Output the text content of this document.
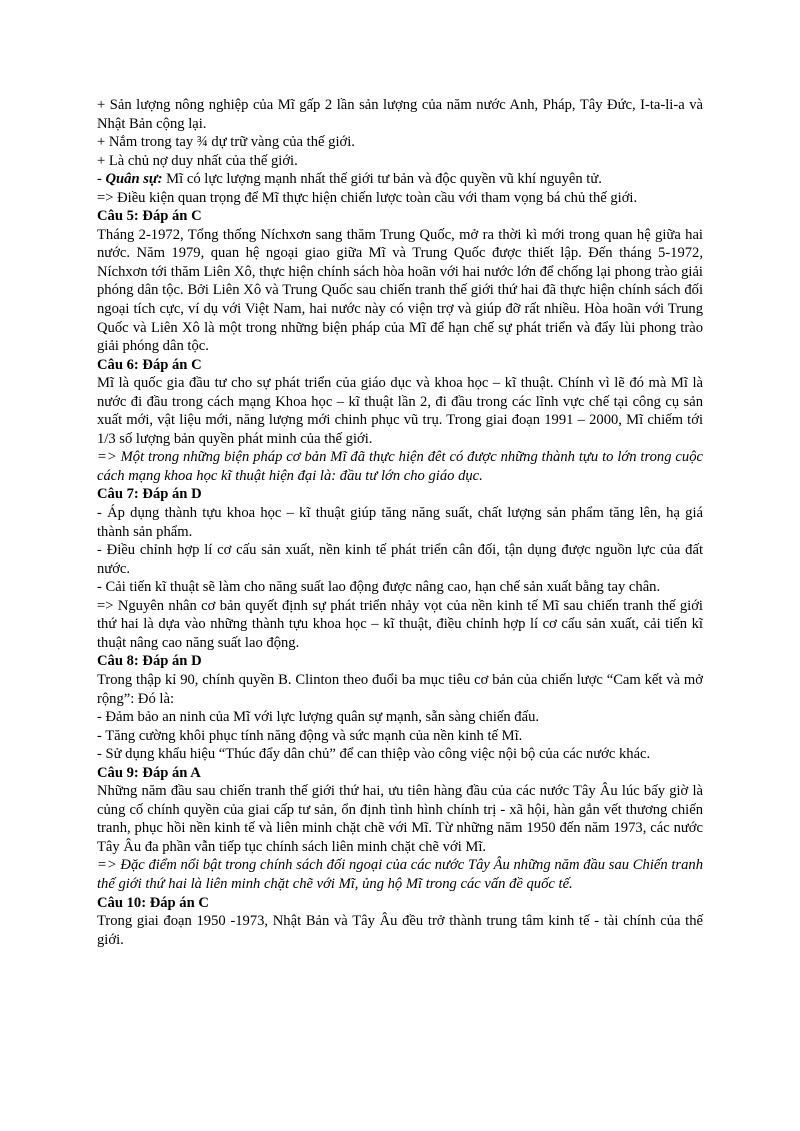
+ Sản lượng nông nghiệp của Mĩ gấp 2 lần sản lượng của năm nước Anh, Pháp, Tây Đức, I-ta-li-a và Nhật Bản cộng lại.

+ Nắm trong tay ¾ dự trữ vàng của thế giới.

+ Là chủ nợ duy nhất của thế giới.

- Quân sự: Mĩ có lực lượng mạnh nhất thế giới tư bản và độc quyền vũ khí nguyên tử.

=> Điều kiện quan trọng để Mĩ thực hiện chiến lược toàn cầu với tham vọng bá chủ thế giới.

Câu 5: Đáp án C

Tháng 2-1972, Tổng thống Níchxơn sang thăm Trung Quốc, mở ra thời kì mới trong quan hệ giữa hai nước. Năm 1979, quan hệ ngoại giao giữa Mĩ và Trung Quốc được thiết lập. Đến tháng 5-1972, Níchxơn tới thăm Liên Xô, thực hiện chính sách hòa hoãn với hai nước lớn để chống lại phong trào giải phóng dân tộc. Bởi Liên Xô và Trung Quốc sau chiến tranh thế giới thứ hai đã thực hiện chính sách đối ngoại tích cực, ví dụ với Việt Nam, hai nước này có viện trợ và giúp đỡ rất nhiều. Hòa hoãn với Trung Quốc và Liên Xô là một trong những biện pháp của Mĩ để hạn chế sự phát triển và đẩy lùi phong trào giải phóng dân tộc.

Câu 6: Đáp án C

Mĩ là quốc gia đầu tư cho sự phát triển của giáo dục và khoa học – kĩ thuật. Chính vì lẽ đó mà Mĩ là nước đi đầu trong cách mạng Khoa học – kĩ thuật lần 2, đi đầu trong các lĩnh vực chế tại công cụ sản xuất mới, vật liệu mới, năng lượng mới chinh phục vũ trụ. Trong giai đoạn 1991 – 2000, Mĩ chiếm tới 1/3 số lượng bản quyền phát minh của thế giới.

=> Một trong những biện pháp cơ bản Mĩ đã thực hiện đêt có được những thành tựu to lớn trong cuộc cách mạng khoa học kĩ thuật hiện đại là: đầu tư lớn cho giáo dục.

Câu 7: Đáp án D

- Áp dụng thành tựu khoa học – kĩ thuật giúp tăng năng suất, chất lượng sản phẩm tăng lên, hạ giá thành sản phẩm.

- Điều chỉnh hợp lí cơ cấu sản xuất, nền kinh tế phát triển cân đối, tận dụng được nguồn lực của đất nước.

- Cải tiến kĩ thuật sẽ làm cho năng suất lao động được nâng cao, hạn chế sản xuất bằng tay chân.

=> Nguyên nhân cơ bản quyết định sự phát triển nhảy vọt của nền kinh tế Mĩ sau chiến tranh thế giới thứ hai là dựa vào những thành tựu khoa học – kĩ thuật, điều chỉnh hợp lí cơ cấu sản xuất, cải tiến kĩ thuật nâng cao năng suất lao động.

Câu 8: Đáp án D

Trong thập kỉ 90, chính quyền B. Clinton theo đuổi ba mục tiêu cơ bản của chiến lược “Cam kết và mở rộng”: Đó là:

- Đảm bảo an ninh của Mĩ với lực lượng quân sự mạnh, sẵn sàng chiến đấu.

- Tăng cường khôi phục tính năng động và sức mạnh của nền kinh tế Mĩ.

- Sử dụng khẩu hiệu “Thúc đẩy dân chủ” để can thiệp vào công việc nội bộ của các nước khác.

Câu 9: Đáp án A

Những năm đầu sau chiến tranh thế giới thứ hai, ưu tiên hàng đầu của các nước Tây Âu lúc bấy giờ là củng cố chính quyền của giai cấp tư sản, ổn định tình hình chính trị - xã hội, hàn gắn vết thương chiến tranh, phục hồi nền kinh tế và liên minh chặt chẽ với Mĩ. Từ những năm 1950 đến năm 1973, các nước Tây Âu đa phần vẫn tiếp tục chính sách liên minh chặt chẽ với Mĩ.

=> Đặc điểm nổi bật trong chính sách đối ngoại của các nước Tây Âu những năm đầu sau Chiến tranh thế giới thứ hai là liên minh chặt chẽ với Mĩ, ủng hộ Mĩ trong các vấn đề quốc tế.

Câu 10: Đáp án C

Trong giai đoạn 1950 -1973, Nhật Bản và Tây Âu đều trở thành trung tâm kinh tế - tài chính của thế giới.
